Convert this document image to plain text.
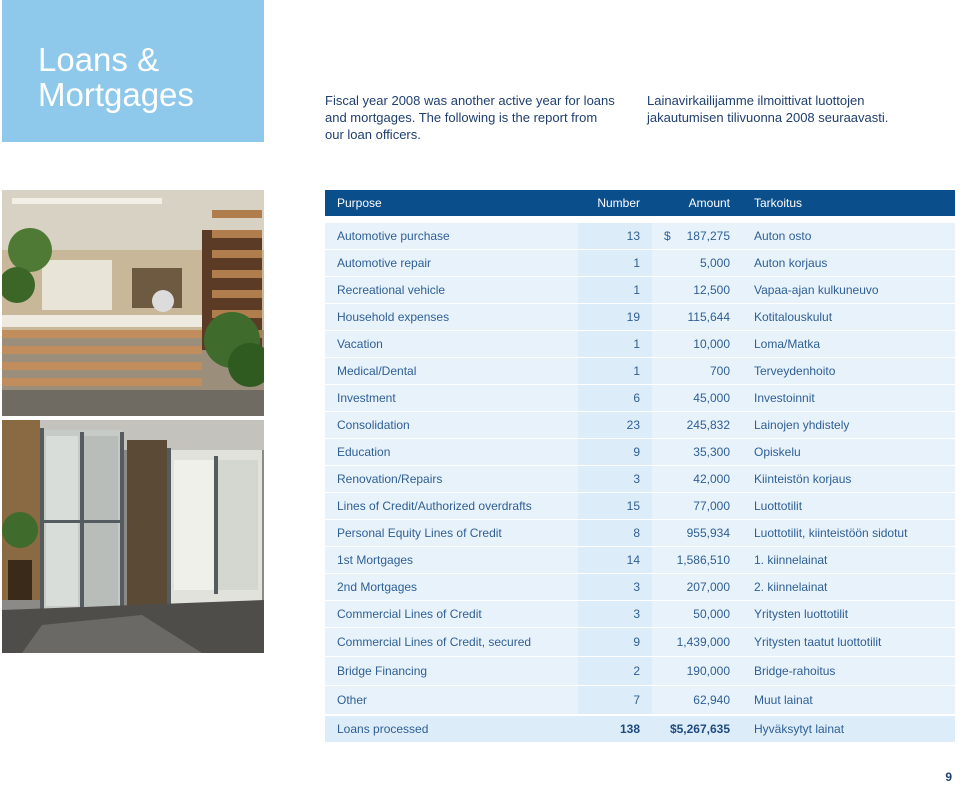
Loans &
Mortgages	Fiscal year 2008 was another active year for loans and mortgages. The following is the report from our loan officers.
Lainavirkailijamme ilmoittivat luottojen jakautumisen tilivuonna 2008 seuraavasti.
Purpose	Number	Amount	Tarkoitus

Automotive purchase	13	$ 187,275	Auton osto
Automotive repair	1	5,000	Auton korjaus
Recreational vehicle	1	12,500	Vapaa-ajan kulkuneuvo
Household expenses	19	115,644	Kotitalouskulut
Vacation	1	10,000	Loma/Matka
Medical/Dental	1	700	Terveydenhoito
Investment	6	45,000	Investoinnit
Consolidation	23	245,832	Lainojen yhdistely
Education	9	35,300	Opiskelu
Renovation/Repairs	3	42,000	Kiinteistön korjaus
Lines of Credit/Authorized overdrafts	15	77,000	Luottotilit
Personal Equity Lines of Credit	8	955,934	Luottotilit, kiinteistöön sidotut
1st Mortgages	14	1,586,510	1. kiinnelainat
2nd Mortgages	3	207,000	2. kiinnelainat
Commercial Lines of Credit	3	50,000	Yritysten luottotilit
Commercial Lines of Credit, secured	9	1,439,000	Yritysten taatut luottotilit
Bridge Financing	2	190,000	Bridge-rahoitus
Other	7	62,940	Muut lainat
Loans processed	138	$5,267,635	Hyväksytyt lainat
9
